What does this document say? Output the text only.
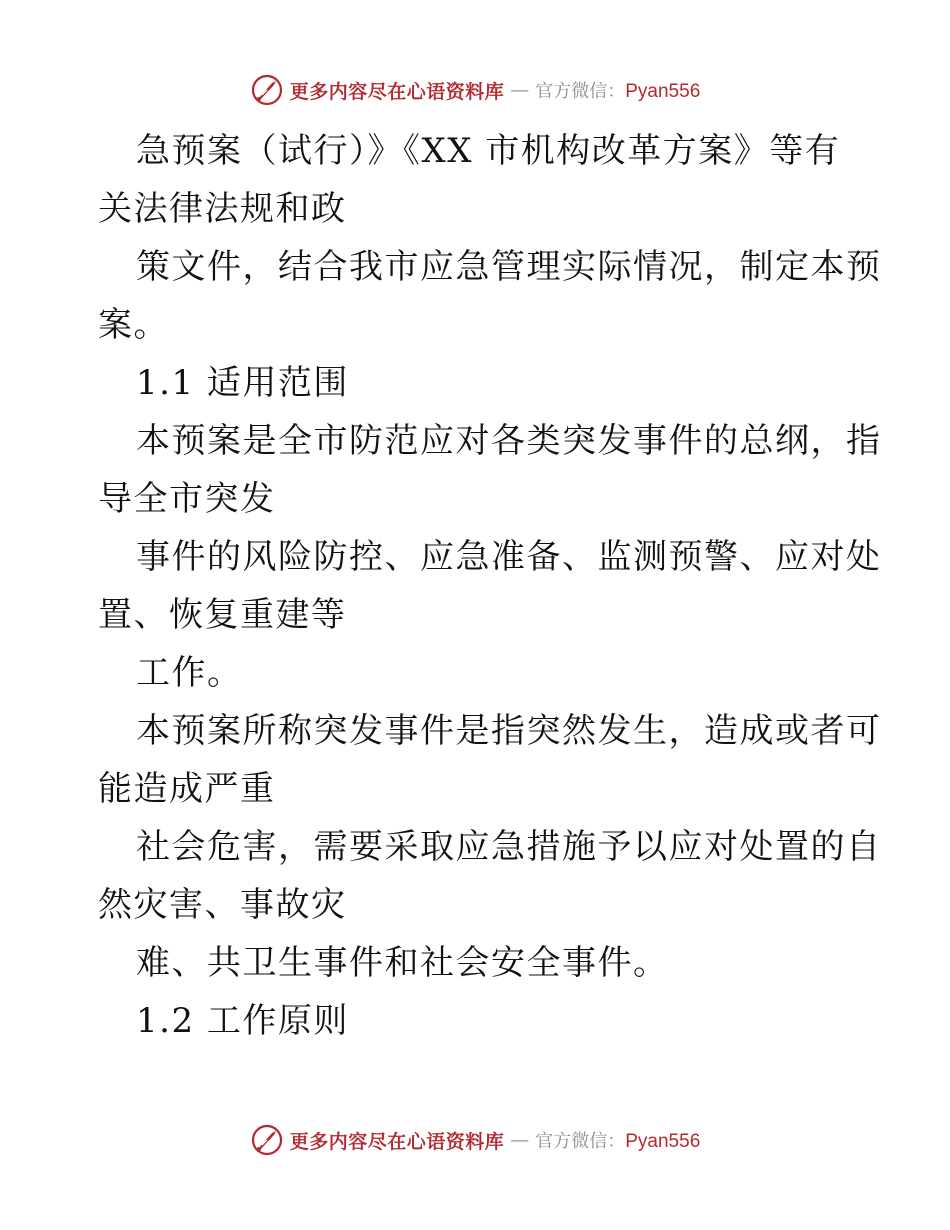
更多内容尽在心语资料库 — 官方微信：Pyan556
急预案（试行）》《XX 市机构改革方案》等有
关法律法规和政
策文件，结合我市应急管理实际情况，制定本预
案。
1.1 适用范围
本预案是全市防范应对各类突发事件的总纲，指
导全市突发
事件的风险防控、应急准备、监测预警、应对处
置、恢复重建等
工作。
本预案所称突发事件是指突然发生，造成或者可
能造成严重
社会危害，需要采取应急措施予以应对处置的自
然灾害、事故灾
难、共卫生事件和社会安全事件。
1.2 工作原则
更多内容尽在心语资料库 — 官方微信：Pyan556
